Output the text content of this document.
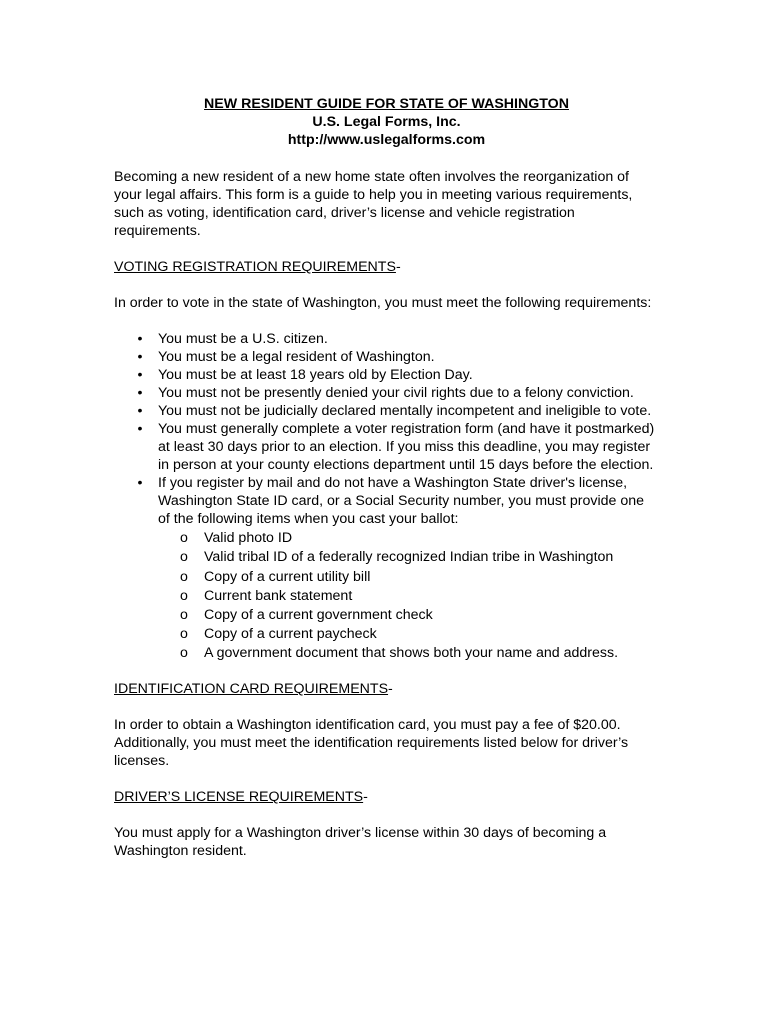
NEW RESIDENT GUIDE FOR STATE OF WASHINGTON
U.S. Legal Forms, Inc.
http://www.uslegalforms.com

Becoming a new resident of a new home state often involves the reorganization of your legal affairs. This form is a guide to help you in meeting various requirements, such as voting, identification card, driver’s license and vehicle registration requirements.

VOTING REGISTRATION REQUIREMENTS-

In order to vote in the state of Washington, you must meet the following requirements:

• You must be a U.S. citizen.
• You must be a legal resident of Washington.
• You must be at least 18 years old by Election Day.
• You must not be presently denied your civil rights due to a felony conviction.
• You must not be judicially declared mentally incompetent and ineligible to vote.
• You must generally complete a voter registration form (and have it postmarked) at least 30 days prior to an election. If you miss this deadline, you may register in person at your county elections department until 15 days before the election.
• If you register by mail and do not have a Washington State driver's license, Washington State ID card, or a Social Security number, you must provide one of the following items when you cast your ballot:
o Valid photo ID
o Valid tribal ID of a federally recognized Indian tribe in Washington
o Copy of a current utility bill
o Current bank statement
o Copy of a current government check
o Copy of a current paycheck
o A government document that shows both your name and address.

IDENTIFICATION CARD REQUIREMENTS-

In order to obtain a Washington identification card, you must pay a fee of $20.00. Additionally, you must meet the identification requirements listed below for driver’s licenses.

DRIVER’S LICENSE REQUIREMENTS-

You must apply for a Washington driver’s license within 30 days of becoming a Washington resident.
